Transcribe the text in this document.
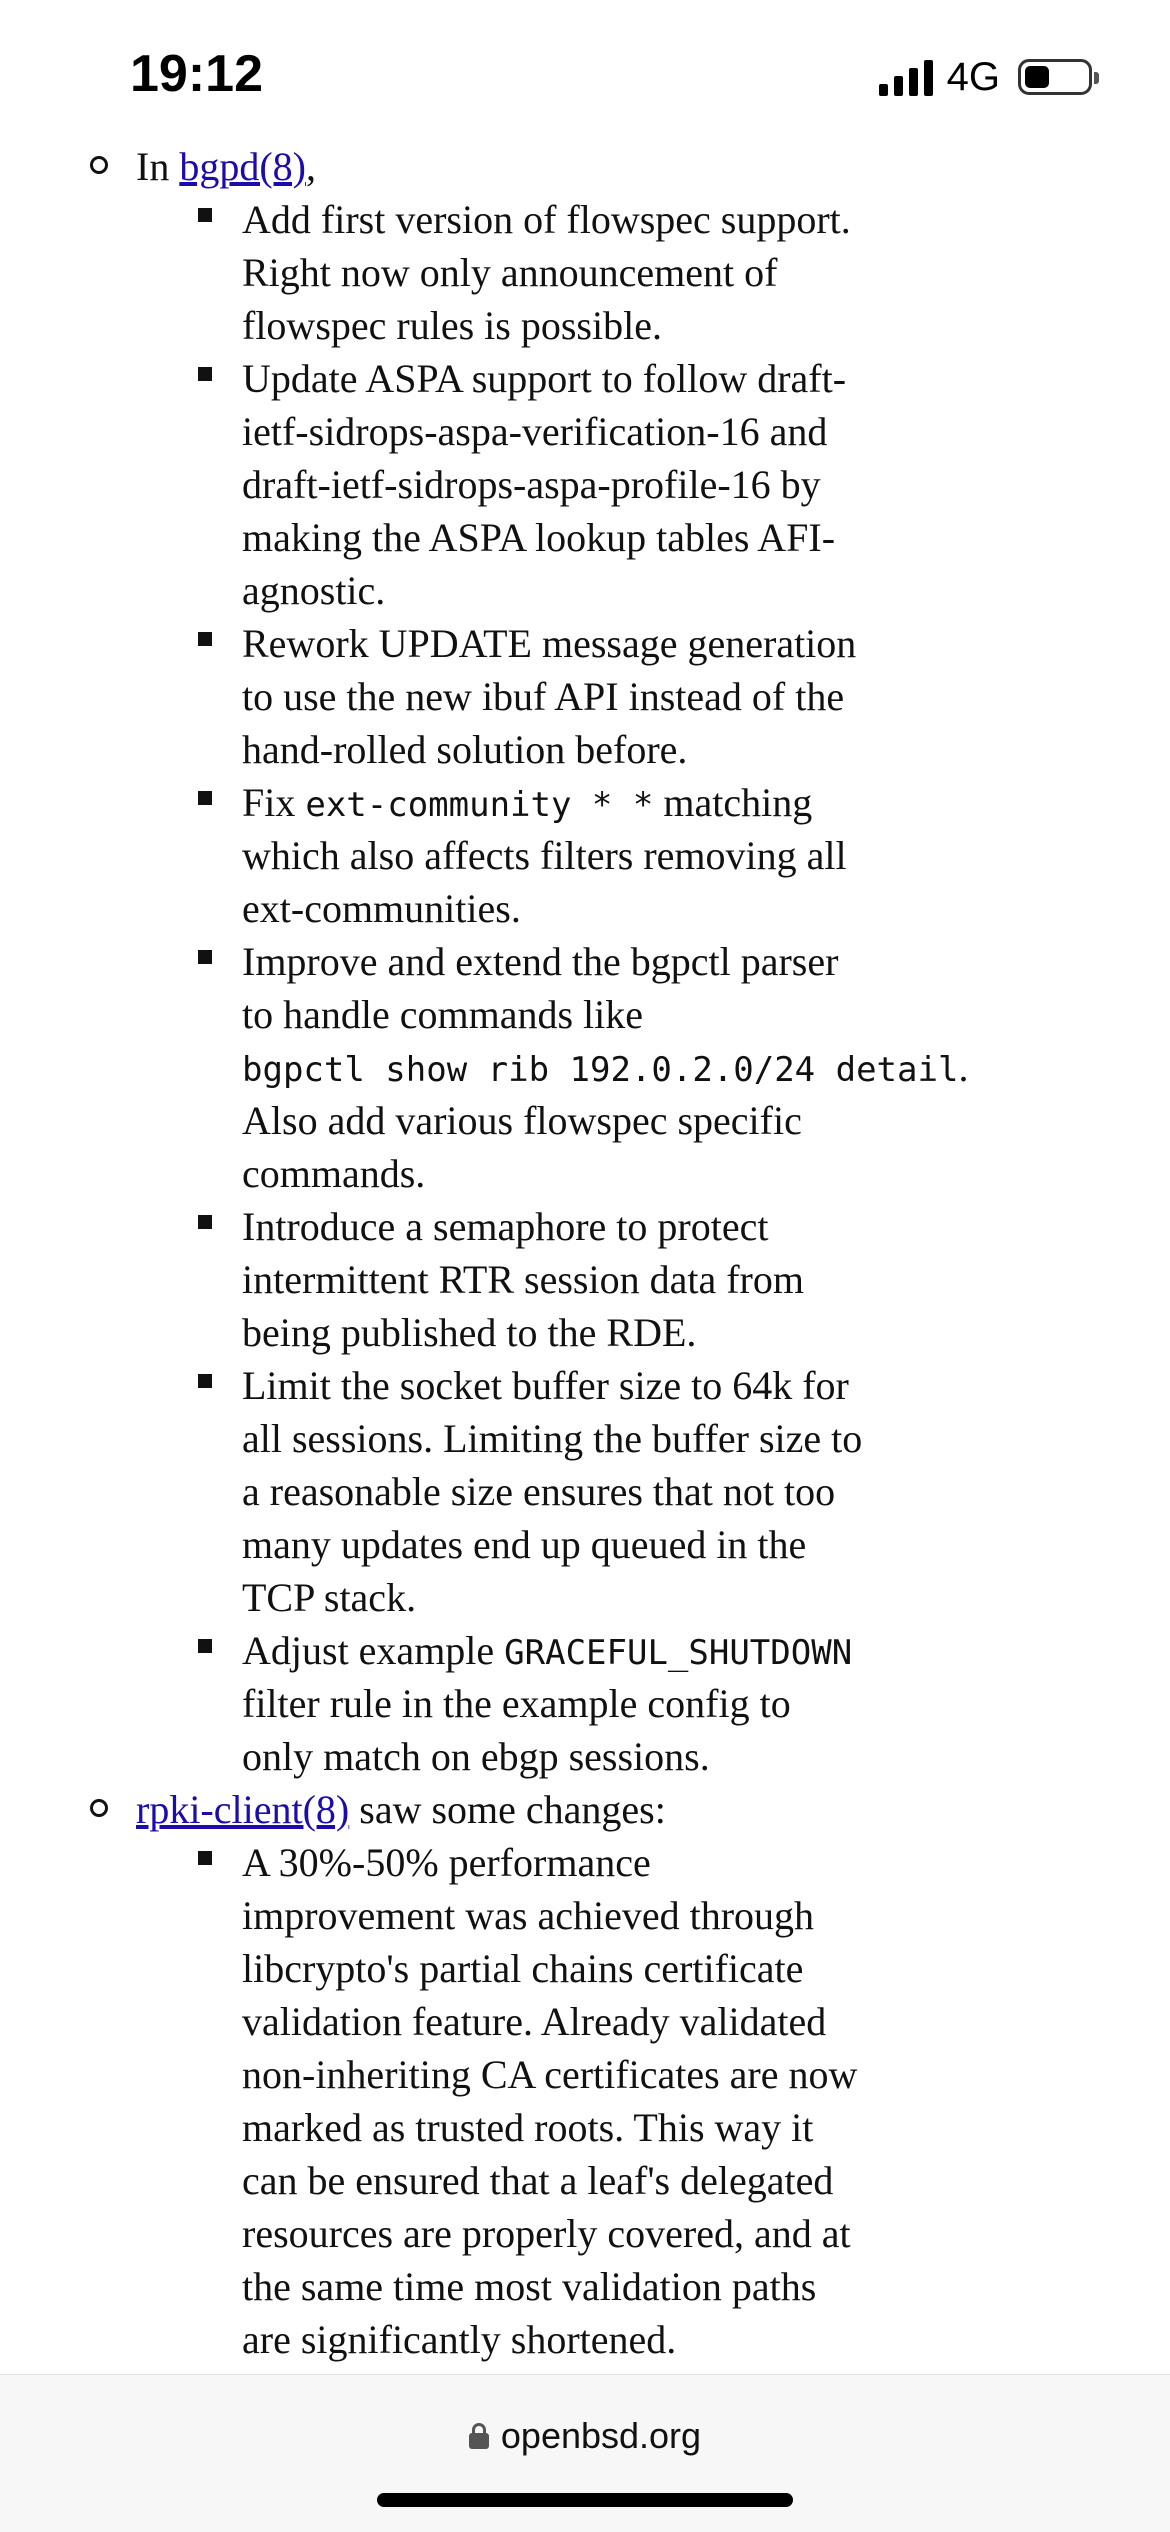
19:12	4G
In bgpd(8),
Add first version of flowspec support.
Right now only announcement of
flowspec rules is possible.
Update ASPA support to follow draft-
ietf-sidrops-aspa-verification-16 and
draft-ietf-sidrops-aspa-profile-16 by
making the ASPA lookup tables AFI-
agnostic.
Rework UPDATE message generation
to use the new ibuf API instead of the
hand-rolled solution before.
Fix ext-community * * matching
which also affects filters removing all
ext-communities.
Improve and extend the bgpctl parser
to handle commands like
bgpctl show rib 192.0.2.0/24 detail.
Also add various flowspec specific
commands.
Introduce a semaphore to protect
intermittent RTR session data from
being published to the RDE.
Limit the socket buffer size to 64k for
all sessions. Limiting the buffer size to
a reasonable size ensures that not too
many updates end up queued in the
TCP stack.
Adjust example GRACEFUL_SHUTDOWN
filter rule in the example config to
only match on ebgp sessions.
rpki-client(8) saw some changes:
A 30%-50% performance
improvement was achieved through
libcrypto's partial chains certificate
validation feature. Already validated
non-inheriting CA certificates are now
marked as trusted roots. This way it
can be ensured that a leaf's delegated
resources are properly covered, and at
the same time most validation paths
are significantly shortened.
openbsd.org
